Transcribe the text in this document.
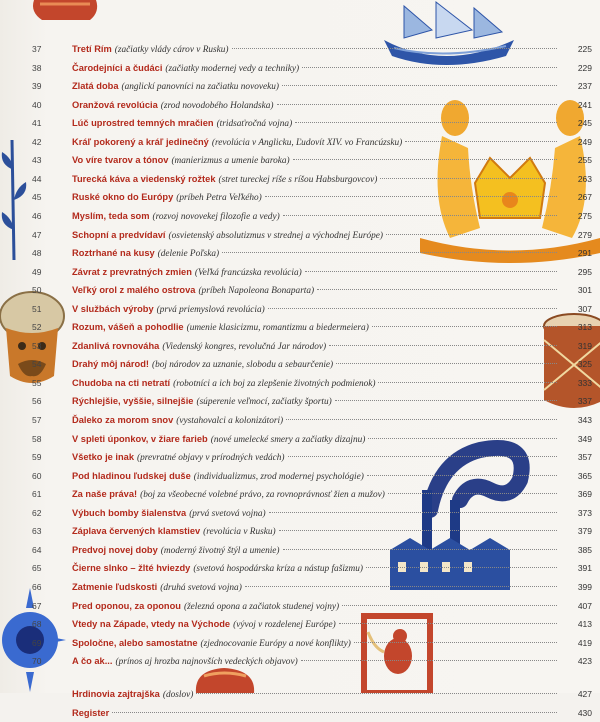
37	Tretí Rím (začiatky vlády cárov v Rusku)	225
38	Čarodejníci a čudáci (začiatky modernej vedy a techniky)	229
39	Zlatá doba (anglickí panovníci na začiatku novoveku)	237
40	Oranžová revolúcia (zrod novodobého Holandska)	241
41	Lúč uprostred temných mračien (tridsaťročná vojna)	245
42	Kráľ pokorený a kráľ jedinečný (revolúcia v Anglicku, Ľudovít XIV. vo Francúzsku)	249
43	Vo víre tvarov a tónov (manierizmus a umenie baroka)	255
44	Turecká káva a viedenský rožtek (stret tureckej ríše s ríšou Habsburgovcov)	263
45	Ruské okno do Európy (príbeh Petra Veľkého)	267
46	Myslím, teda som (rozvoj novovekej filozofie a vedy)	275
47	Schopní a predvídaví (osvietenský absolutizmus v strednej a východnej Európe)	279
48	Roztrhané na kusy (delenie Poľska)	291
49	Závrat z prevratných zmien (Veľká francúzska revolúcia)	295
50	Veľký orol z malého ostrova (príbeh Napoleona Bonaparta)	301
51	V službách výroby (prvá priemyslová revolúcia)	307
52	Rozum, vášeň a pohodlie (umenie klasicizmu, romantizmu a biedermeiera)	313
53	Zdanlivá rovnováha (Viedenský kongres, revolučná Jar národov)	319
54	Drahý môj národ! (boj národov za uznanie, slobodu a sebaurčenie)	325
55	Chudoba na cti netratí (robotníci a ich boj za zlepšenie životných podmienok)	333
56	Rýchlejšie, vyššie, silnejšie (súperenie veľmocí, začiatky športu)	337
57	Ďaleko za morom snov (vystahovalci a kolonizátori)	343
58	V spleti úponkov, v žiare farieb (nové umelecké smery a začiatky dizajnu)	349
59	Všetko je inak (prevratné objavy v prírodných vedách)	357
60	Pod hladinou ľudskej duše (individualizmus, zrod modernej psychológie)	365
61	Za naše práva! (boj za všeobecné volebné právo, za rovnoprávnosť žien a mužov)	369
62	Výbuch bomby šialenstva (prvá svetová vojna)	373
63	Záplava červených klamstiev (revolúcia v Rusku)	379
64	Predvoj novej doby (moderný životný štýl a umenie)	385
65	Čierne slnko – žlté hviezdy (svetová hospodárska kríza a nástup fašizmu)	391
66	Zatmenie ľudskosti (druhá svetová vojna)	399
67	Pred oponou, za oponou (železná opona a začiatok studenej vojny)	407
68	Vtedy na Západe, vtedy na Východe (vývoj v rozdelenej Európe)	413
69	Spoločne, alebo samostatne (zjednocovanie Európy a nové konflikty)	419
70	A čo ak... (prínos aj hrozba najnovších vedeckých objavov)	423
Hrdinovia zajtrajška (doslov)	427
Register	430
